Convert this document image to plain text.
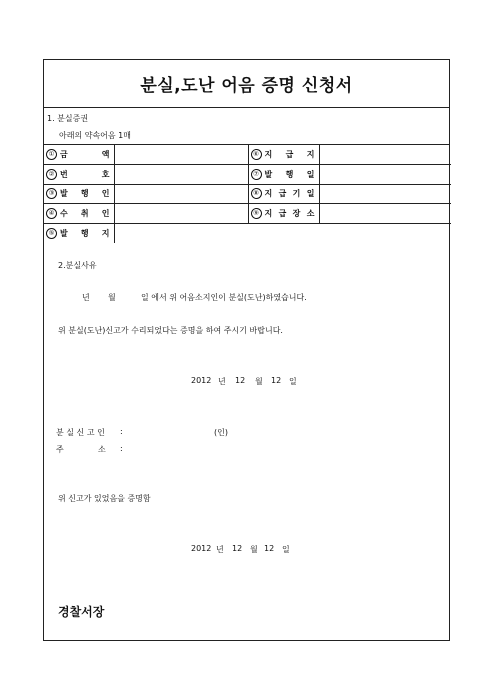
분실,도난 어음 증명 신청서
1. 분실증권
아래의 약속어음 1매
① 금 액		⑥ 지 급 지	

② 번 호		⑦ 발 행 일	

③ 발 행 인		⑧ 지 급 기 일	

④ 수 취 인		⑨ 지 급 장 소	

⑤ 발 행 지			

2.분실사유
년 월	일 에서 위 어음소지인이 분실(도난)하였습니다.
위 분실(도난)신고가 수리되었다는 증명을 하여 주시기 바랍니다.
2012 년 12 월 12 일
분 실 신 고 인 :	(인)
주	소 :
위 신고가 있었음을 증명함
2012 년 12 월 12 일
경찰서장
